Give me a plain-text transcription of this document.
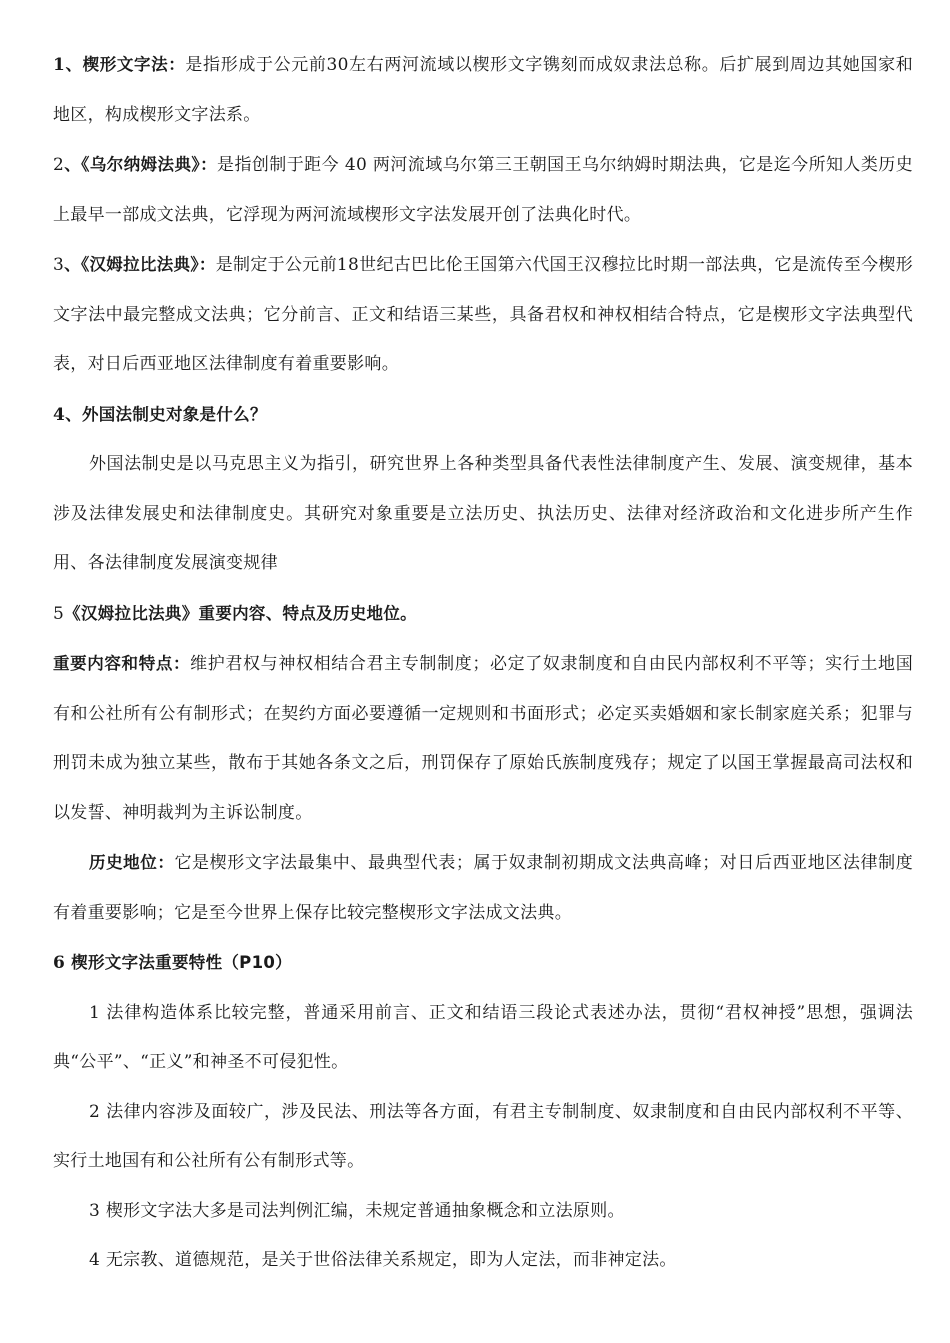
1、楔形文字法：是指形成于公元前30左右两河流域以楔形文字镌刻而成奴隶法总称。后扩展到周边其她国家和地区，构成楔形文字法系。

2、《乌尔纳姆法典》：是指创制于距今 40 两河流域乌尔第三王朝国王乌尔纳姆时期法典，它是迄今所知人类历史上最早一部成文法典，它浮现为两河流域楔形文字法发展开创了法典化时代。

3、《汉姆拉比法典》：是制定于公元前18世纪古巴比伦王国第六代国王汉穆拉比时期一部法典，它是流传至今楔形文字法中最完整成文法典；它分前言、正文和结语三某些，具备君权和神权相结合特点，它是楔形文字法典型代表，对日后西亚地区法律制度有着重要影响。

4、外国法制史对象是什么？

外国法制史是以马克思主义为指引，研究世界上各种类型具备代表性法律制度产生、发展、演变规律，基本涉及法律发展史和法律制度史。其研究对象重要是立法历史、执法历史、法律对经济政治和文化进步所产生作用、各法律制度发展演变规律

5《汉姆拉比法典》重要内容、特点及历史地位。

重要内容和特点：维护君权与神权相结合君主专制制度；必定了奴隶制度和自由民内部权利不平等；实行土地国有和公社所有公有制形式；在契约方面必要遵循一定规则和书面形式；必定买卖婚姻和家长制家庭关系；犯罪与刑罚未成为独立某些，散布于其她各条文之后，刑罚保存了原始氏族制度残存；规定了以国王掌握最高司法权和以发誓、神明裁判为主诉讼制度。

历史地位：它是楔形文字法最集中、最典型代表；属于奴隶制初期成文法典高峰；对日后西亚地区法律制度有着重要影响；它是至今世界上保存比较完整楔形文字法成文法典。

6 楔形文字法重要特性（P10）

1 法律构造体系比较完整，普通采用前言、正文和结语三段论式表述办法，贯彻“君权神授”思想，强调法典“公平”、“正义”和神圣不可侵犯性。

2 法律内容涉及面较广，涉及民法、刑法等各方面，有君主专制制度、奴隶制度和自由民内部权利不平等、实行土地国有和公社所有公有制形式等。

3 楔形文字法大多是司法判例汇编，未规定普通抽象概念和立法原则。

4 无宗教、道德规范，是关于世俗法律关系规定，即为人定法，而非神定法。
